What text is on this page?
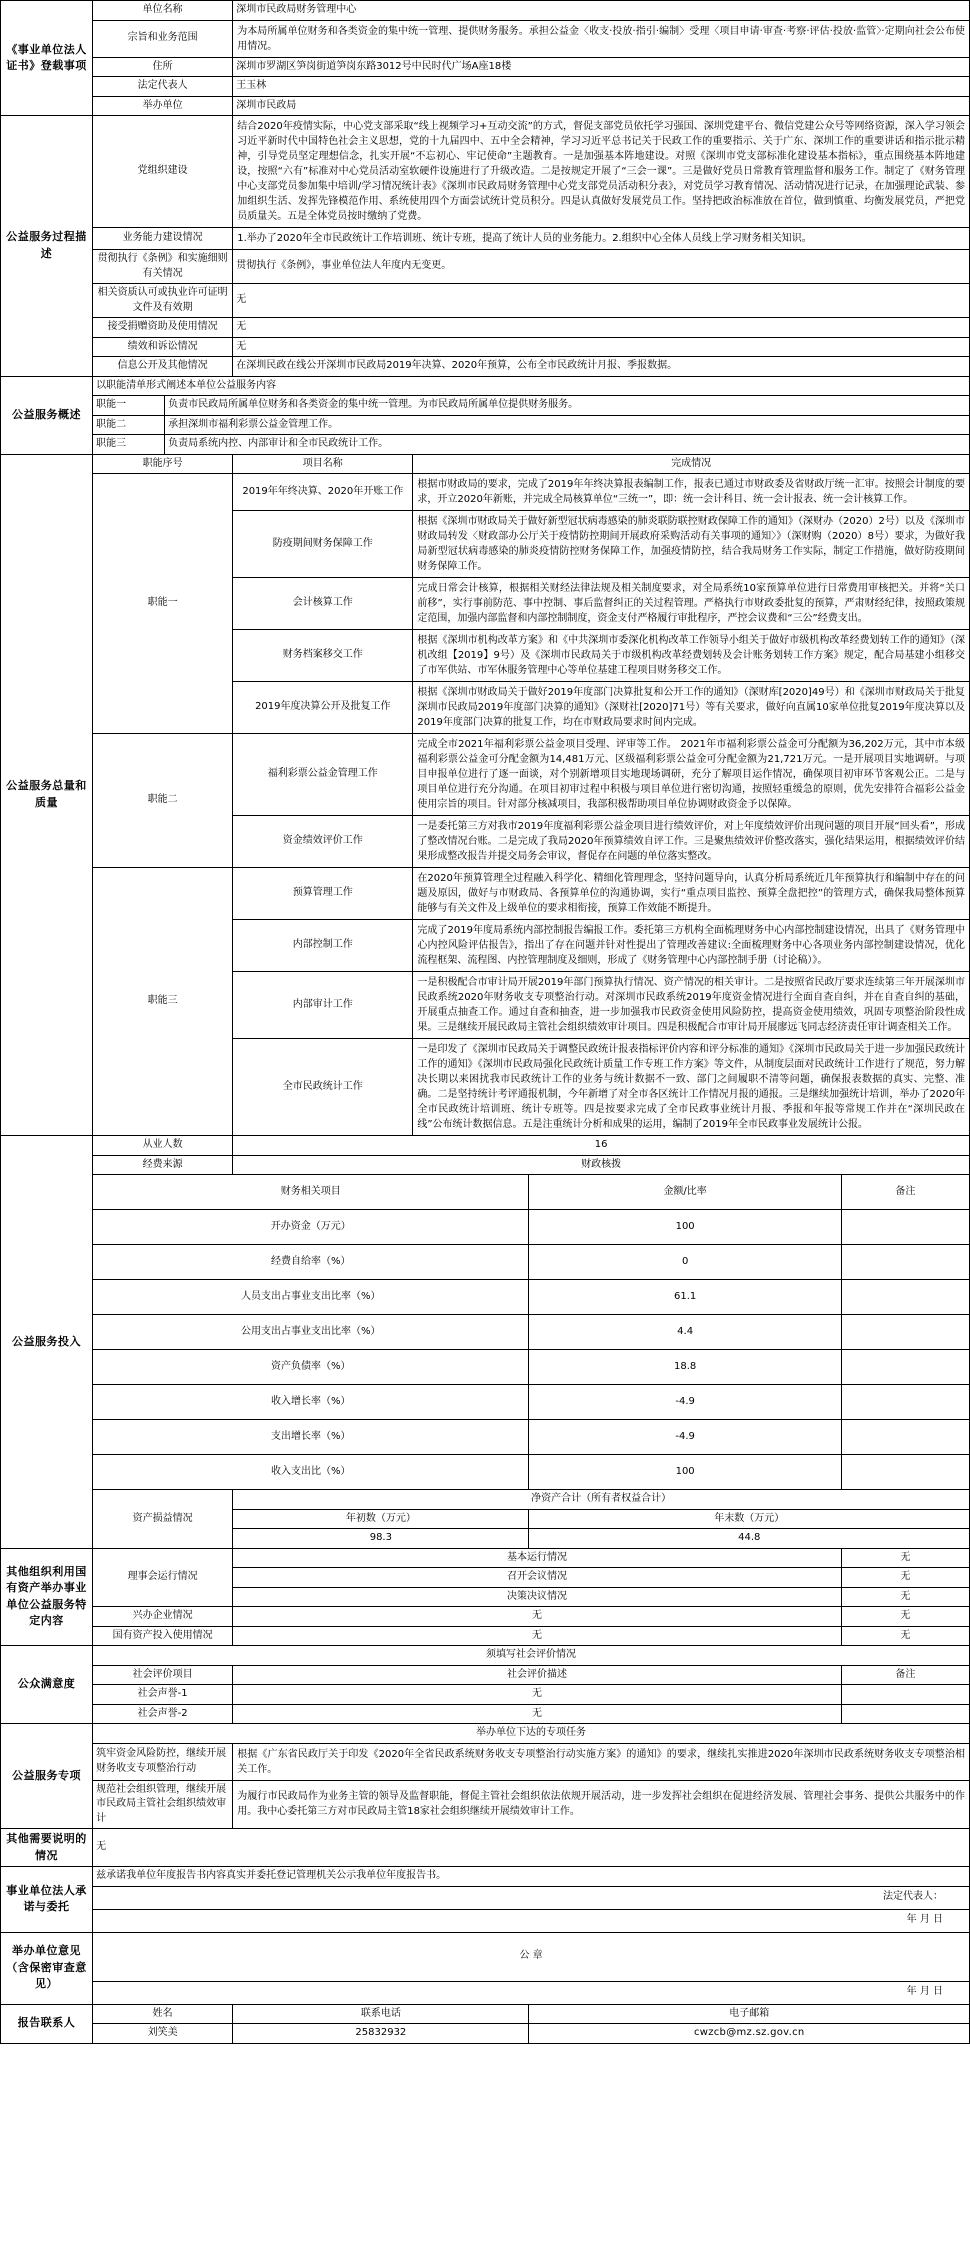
《事业单位法人证书》登载事项	单位名称		深圳市民政局财务管理中心			
	宗旨和业务范围		为本局所属单位财务和各类资金的集中统一管理、提供财务服务。承担公益金〈收支‧投放‧指引‧编制〉受理〈项目申请‧审查‧考察‧评估‧投放‧监管〉‧定期向社会公布使用情况。			
	住所		深圳市罗湖区笋岗街道笋岗东路3012号中民时代广场A座18楼			
	法定代表人		王玉林			
	举办单位		深圳市民政局			
公益服务过程描述	党组织建设		结合2020年疫情实际，中心党支部采取“线上视频学习+互动交流”的方式，督促支部党员依托学习强国、深圳党建平台、微信党建公众号等网络资源，深入学习领会习近平新时代中国特色社会主义思想，党的十九届四中、五中全会精神，学习习近平总书记关于民政工作的重要指示、关于广东、深圳工作的重要讲话和指示批示精神，引导党员坚定理想信念，扎实开展“不忘初心、牢记使命”主题教育。一是加强基本阵地建设。对照《深圳市党支部标准化建设基本指标》，重点围绕基本阵地建设，按照“六有”标准对中心党员活动室软硬件设施进行了升级改造。二是按规定开展了“三会一课”。三是做好党员日常教育管理监督和服务工作。制定了《财务管理中心支部党员参加集中培训/学习情况统计表》《深圳市民政局财务管理中心党支部党员活动积分表》，对党员学习教育情况、活动情况进行记录，在加强理论武装、参加组织生活、发挥先锋模范作用、系统使用四个方面尝试统计党员积分。四是认真做好发展党员工作。坚持把政治标准放在首位，做到慎重、均衡发展党员，严把党员质量关。五是全体党员按时缴纳了党费。			
	业务能力建设情况		1.举办了2020年全市民政统计工作培训班、统计专班，提高了统计人员的业务能力。2.组织中心全体人员线上学习财务相关知识。			
	贯彻执行《条例》和实施细则有关情况		贯彻执行《条例》，事业单位法人年度内无变更。			
	相关资质认可或执业许可证明文件及有效期		无			
	接受捐赠资助及使用情况		无			
	绩效和诉讼情况		无			
	信息公开及其他情况		在深圳民政在线公开深圳市民政局2019年决算、2020年预算，公布全市民政统计月报、季报数据。			
公益服务概述	以职能清单形式阐述本单位公益服务内容					
	职能一	负责市民政局所属单位财务和各类资金的集中统一管理。为市民政局所属单位提供财务服务。				
	职能二	承担深圳市福利彩票公益金管理工作。				
	职能三	负责局系统内控、内部审计和全市民政统计工作。				
公益服务总量和质量	职能序号		项目名称	完成情况		
	职能一		2019年年终决算、2020年开账工作	根据市财政局的要求，完成了2019年年终决算报表编制工作，报表已通过市财政委及省财政厅统一汇审。按照会计制度的要求，开立2020年新账，并完成全局核算单位“三统一”，即：统一会计科目、统一会计报表、统一会计核算工作。		
			防疫期间财务保障工作	根据《深圳市财政局关于做好新型冠状病毒感染的肺炎联防联控财政保障工作的通知》（深财办（2020）2号）以及《深圳市财政局转发〈财政部办公厅关于疫情防控期间开展政府采购活动有关事项的通知〉》（深财购（2020）8号）要求，为做好我局新型冠状病毒感染的肺炎疫情防控财务保障工作，加强疫情防控，结合我局财务工作实际，制定工作措施，做好防疫期间财务保障工作。		
			会计核算工作	完成日常会计核算，根据相关财经法律法规及相关制度要求，对全局系统10家预算单位进行日常费用审核把关。并将“关口前移”，实行事前防范、事中控制、事后监督纠正的关过程管理。严格执行市财政委批复的预算，严肃财经纪律，按照政策规定范围，加强内部监督和内部控制制度，资金支付严格履行审批程序，严控会议费和“三公”经费支出。		
			财务档案移交工作	根据《深圳市机构改革方案》和《中共深圳市委深化机构改革工作领导小组关于做好市级机构改革经费划转工作的通知》（深机改组【2019】9号）及《深圳市民政局关于市级机构改革经费划转及会计账务划转工作方案》规定，配合局基建小组移交了市军供站、市军休服务管理中心等单位基建工程项目财务移交工作。		
			2019年度决算公开及批复工作	根据《深圳市财政局关于做好2019年度部门决算批复和公开工作的通知》（深财库[2020]49号）和《深圳市财政局关于批复深圳市民政局2019年度部门决算的通知》（深财社[2020]71号）等有关要求，做好向直属10家单位批复2019年度决算以及2019年度部门决算的批复工作，均在市财政局要求时间内完成。		
	职能二		福利彩票公益金管理工作	完成全市2021年福利彩票公益金项目受理、评审等工作。 2021年市福利彩票公益金可分配额为36,202万元，其中市本级福利彩票公益金可分配金额为14,481万元、区级福利彩票公益金可分配金额为21,721万元。一是开展项目实地调研。与项目申报单位进行了逐一面谈，对个别新增项目实地现场调研，充分了解项目运作情况，确保项目初审环节客观公正。二是与项目单位进行充分沟通。在项目初审过程中积极与项目单位进行密切沟通，按照轻重缓急的原则，优先安排符合福彩公益金使用宗旨的项目。针对部分核减项目，我部积极帮助项目单位协调财政资金予以保障。		
			资金绩效评价工作	一是委托第三方对我市2019年度福利彩票公益金项目进行绩效评价，对上年度绩效评价出现问题的项目开展“回头看”，形成了整改情况台账。二是完成了我局2020年预算绩效自评工作。三是聚焦绩效评价整改落实，强化结果运用，根据绩效评价结果形成整改报告并提交局务会审议，督促存在问题的单位落实整改。		
	职能三		预算管理工作	在2020年预算管理全过程融入科学化、精细化管理理念，坚持问题导向，认真分析局系统近几年预算执行和编制中存在的问题及原因，做好与市财政局、各预算单位的沟通协调，实行“重点项目监控、预算全盘把控”的管理方式，确保我局整体预算能够与有关文件及上级单位的要求相衔接，预算工作效能不断提升。		
			内部控制工作	完成了2019年度局系统内部控制报告编报工作。委托第三方机构全面梳理财务中心内部控制建设情况，出具了《财务管理中心内控风险评估报告》，指出了存在问题并针对性提出了管理改善建议:全面梳理财务中心各项业务内部控制建设情况，优化流程框架、流程图、内控管理制度及细则，形成了《财务管理中心内部控制手册（讨论稿）》。		
			内部审计工作	一是积极配合市审计局开展2019年部门预算执行情况、资产情况的相关审计。二是按照省民政厅要求连续第三年开展深圳市民政系统2020年财务收支专项整治行动。对深圳市民政系统2019年度资金情况进行全面自查自纠，并在自查自纠的基础，开展重点抽查工作。通过自查和抽查，进一步加强我市民政资金使用风险防控，提高资金使用绩效，巩固专项整治阶段性成果。三是继续开展民政局主管社会组织绩效审计项目。四是积极配合市审计局开展廖远飞同志经济责任审计调查相关工作。		
			全市民政统计工作	一是印发了《深圳市民政局关于调整民政统计报表指标评价内容和评分标准的通知》《深圳市民政局关于进一步加强民政统计工作的通知》《深圳市民政局强化民政统计质量工作专班工作方案》等文件，从制度层面对民政统计工作进行了规范，努力解决长期以来困扰我市民政统计工作的业务与统计数据不一致、部门之间履职不清等问题，确保报表数据的真实、完整、准确。二是坚持统计考评通报机制，今年新增了对全市各区统计工作情况月报的通报。三是继续加强统计培训，举办了2020年全市民政统计培训班、统计专班等。四是按要求完成了全市民政事业统计月报、季报和年报等常规工作并在“深圳民政在线”公布统计数据信息。五是注重统计分析和成果的运用，编制了2019年全市民政事业发展统计公报。		
公益服务投入	从业人数		16			
	经费来源		财政核拨			
	财务相关项目				金额/比率	备注
	开办资金（万元）				100	
	经费自给率（%）				0	
	人员支出占事业支出比率（%）				61.1	
	公用支出占事业支出比率（%）				4.4	
	资产负债率（%）				18.8	
	收入增长率（%）				-4.9	
	支出增长率（%）				-4.9	
	收入支出比（%）				100	
	资产损益情况		净资产合计（所有者权益合计）			
			年初数（万元）		年末数（万元）	
			98.3		44.8	
其他组织利用国有资产举办事业单位公益服务特定内容	理事会运行情况		基本运行情况			无
			召开会议情况			无
			决策决议情况			无
	兴办企业情况		无			无
	国有资产投入使用情况		无			无
公众满意度	须填写社会评价情况					
	社会评价项目		社会评价描述			备注
	社会声誉-1		无			
	社会声誉-2		无			
公益服务专项	举办单位下达的专项任务					
	筑牢资金风险防控，继续开展财务收支专项整治行动		根据《广东省民政厅关于印发《2020年全省民政系统财务收支专项整治行动实施方案》的通知》的要求，继续扎实推进2020年深圳市民政系统财务收支专项整治相关工作。			
	规范社会组织管理，继续开展市民政局主管社会组织绩效审计		为履行市民政局作为业务主管的领导及监督职能，督促主管社会组织依法依规开展活动，进一步发挥社会组织在促进经济发展、管理社会事务、提供公共服务中的作用。我中心委托第三方对市民政局主管18家社会组织继续开展绩效审计工作。			
其他需要说明的情况	无					
事业单位法人承诺与委托	兹承诺我单位年度报告书内容真实并委托登记管理机关公示我单位年度报告书。					
	法定代表人：					
	年 月 日					
举办单位意见（含保密审查意见）	公 章					
	年 月 日					
报告联系人	姓名		联系电话		电子邮箱	
	刘笑美		25832932		cwzcb@mz.sz.gov.cn	
